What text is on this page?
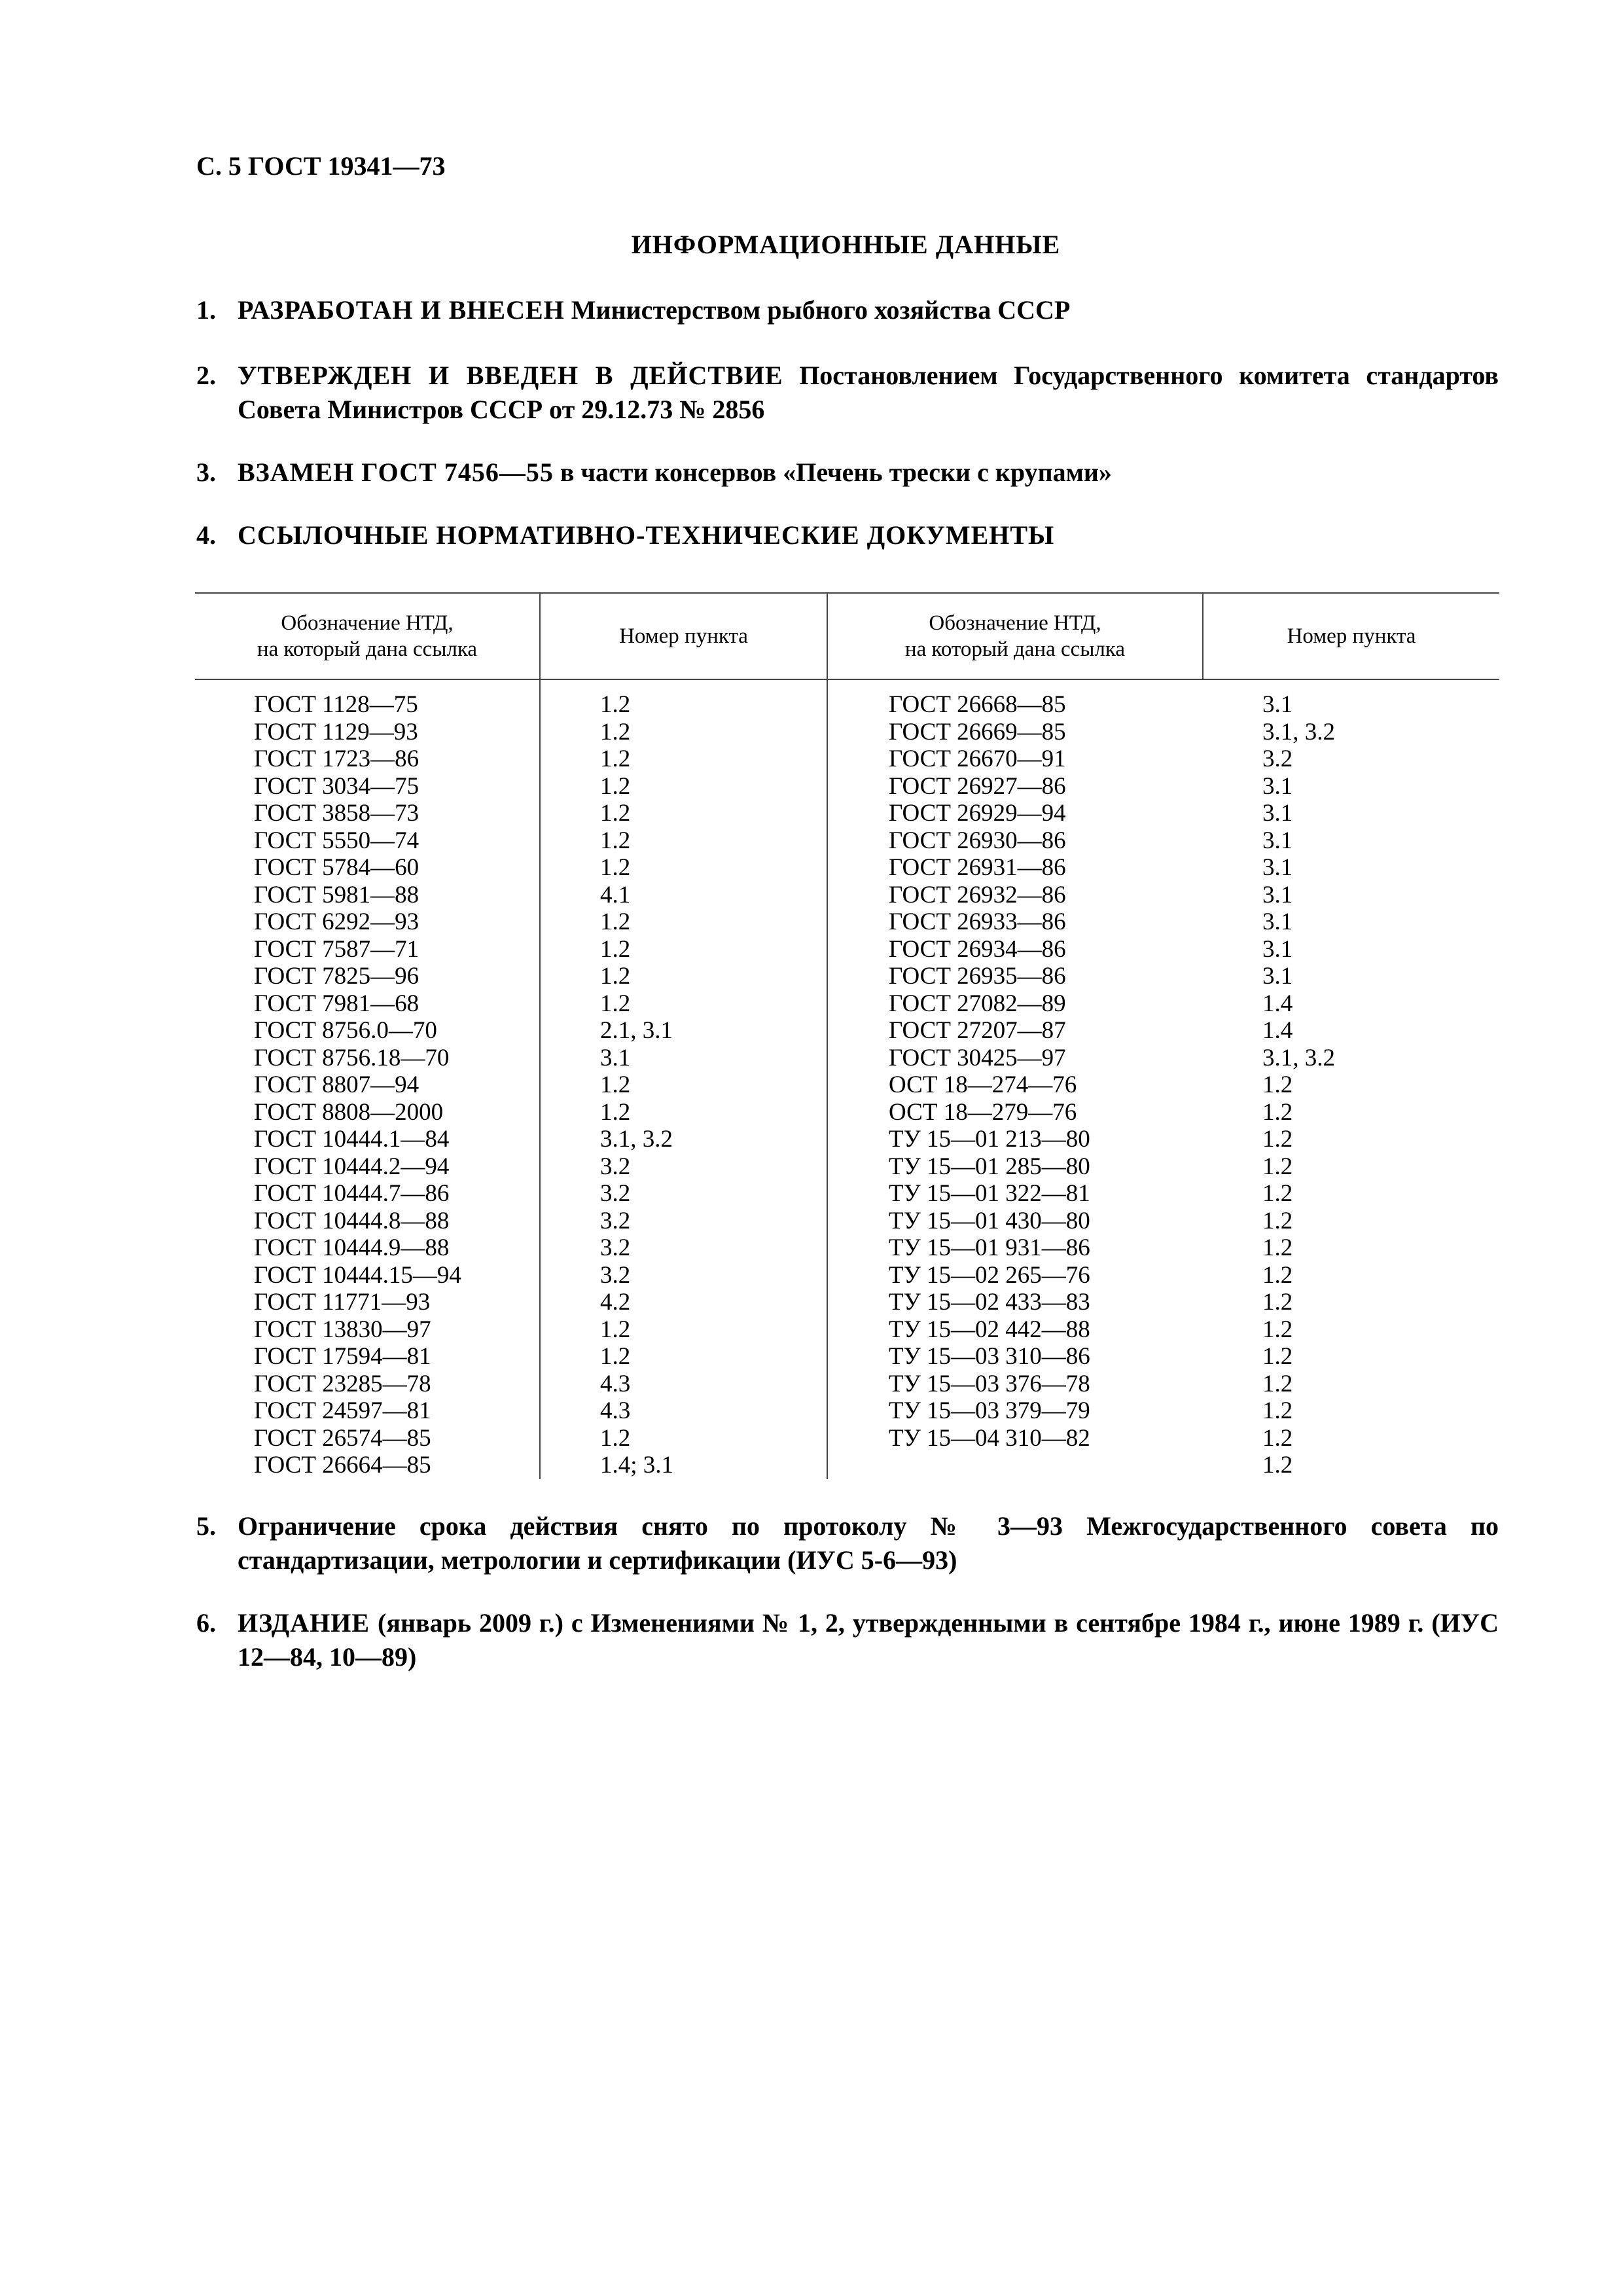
С. 5 ГОСТ 19341—73
ИНФОРМАЦИОННЫЕ ДАННЫЕ
1. РАЗРАБОТАН И ВНЕСЕН Министерством рыбного хозяйства СССР
2. УТВЕРЖДЕН И ВВЕДЕН В ДЕЙСТВИЕ Постановлением Государственного комитета стандартов Совета Министров СССР от 29.12.73 № 2856
3. ВЗАМЕН ГОСТ 7456—55 в части консервов «Печень трески с крупами»
4. ССЫЛОЧНЫЕ НОРМАТИВНО-ТЕХНИЧЕСКИЕ ДОКУМЕНТЫ
Обозначение НТД,
на который дана ссылка
Номер пункта
Обозначение НТД,
на который дана ссылка
Номер пункта
ГОСТ 1128—75
ГОСТ 1129—93
ГОСТ 1723—86
ГОСТ 3034—75
ГОСТ 3858—73
ГОСТ 5550—74
ГОСТ 5784—60
ГОСТ 5981—88
ГОСТ 6292—93
ГОСТ 7587—71
ГОСТ 7825—96
ГОСТ 7981—68
ГОСТ 8756.0—70
ГОСТ 8756.18—70
ГОСТ 8807—94
ГОСТ 8808—2000
ГОСТ 10444.1—84
ГОСТ 10444.2—94
ГОСТ 10444.7—86
ГОСТ 10444.8—88
ГОСТ 10444.9—88
ГОСТ 10444.15—94
ГОСТ 11771—93
ГОСТ 13830—97
ГОСТ 17594—81
ГОСТ 23285—78
ГОСТ 24597—81
ГОСТ 26574—85
ГОСТ 26664—85
1.2
1.2
1.2
1.2
1.2
1.2
1.2
4.1
1.2
1.2
1.2
1.2
2.1, 3.1
3.1
1.2
1.2
3.1, 3.2
3.2
3.2
3.2
3.2
3.2
4.2
1.2
1.2
4.3
4.3
1.2
1.4; 3.1
ГОСТ 26668—85
ГОСТ 26669—85
ГОСТ 26670—91
ГОСТ 26927—86
ГОСТ 26929—94
ГОСТ 26930—86
ГОСТ 26931—86
ГОСТ 26932—86
ГОСТ 26933—86
ГОСТ 26934—86
ГОСТ 26935—86
ГОСТ 27082—89
ГОСТ 27207—87
ГОСТ 30425—97
ОСТ 18—274—76
ОСТ 18—279—76
ТУ 15—01 213—80
ТУ 15—01 285—80
ТУ 15—01 322—81
ТУ 15—01 430—80
ТУ 15—01 931—86
ТУ 15—02 265—76
ТУ 15—02 433—83
ТУ 15—02 442—88
ТУ 15—03 310—86
ТУ 15—03 376—78
ТУ 15—03 379—79
ТУ 15—04 310—82
3.1
3.1, 3.2
3.2
3.1
3.1
3.1
3.1
3.1
3.1
3.1
3.1
1.4
1.4
3.1, 3.2
1.2
1.2
1.2
1.2
1.2
1.2
1.2
1.2
1.2
1.2
1.2
1.2
1.2
1.2
1.2
5. Ограничение срока действия снято по протоколу № 3—93 Межгосударственного совета по стандартизации, метрологии и сертификации (ИУС 5-6—93)
6. ИЗДАНИЕ (январь 2009 г.) с Изменениями № 1, 2, утвержденными в сентябре 1984 г., июне 1989 г. (ИУС 12—84, 10—89)
